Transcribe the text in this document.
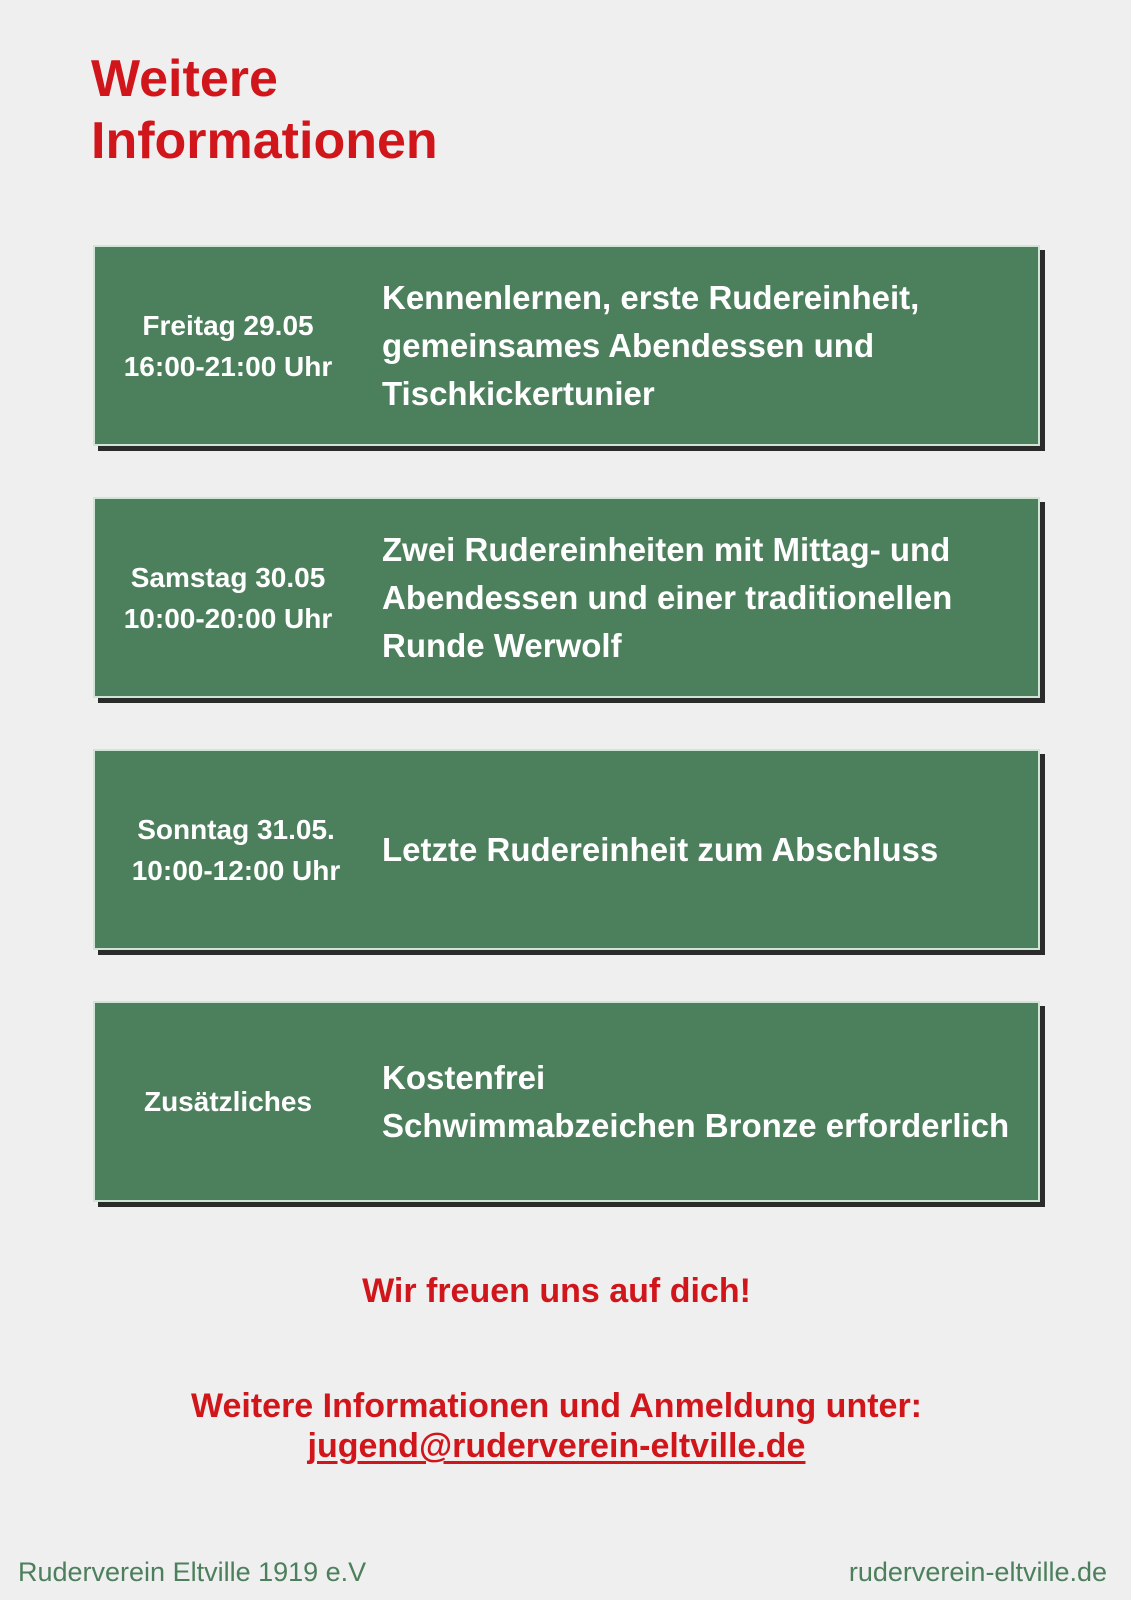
Weitere
Informationen
Freitag 29.05
16:00-21:00 Uhr
Kennenlernen, erste Rudereinheit,
gemeinsames Abendessen und
Tischkickertunier
Samstag 30.05
10:00-20:00 Uhr
Zwei Rudereinheiten mit Mittag- und
Abendessen und einer traditionellen
Runde Werwolf
Sonntag 31.05.
10:00-12:00 Uhr
Letzte Rudereinheit zum Abschluss
Zusätzliches
Kostenfrei
Schwimmabzeichen Bronze erforderlich
Wir freuen uns auf dich!
Weitere Informationen und Anmeldung unter:
jugend@ruderverein-eltville.de
Ruderverein Eltville 1919 e.V	ruderverein-eltville.de
